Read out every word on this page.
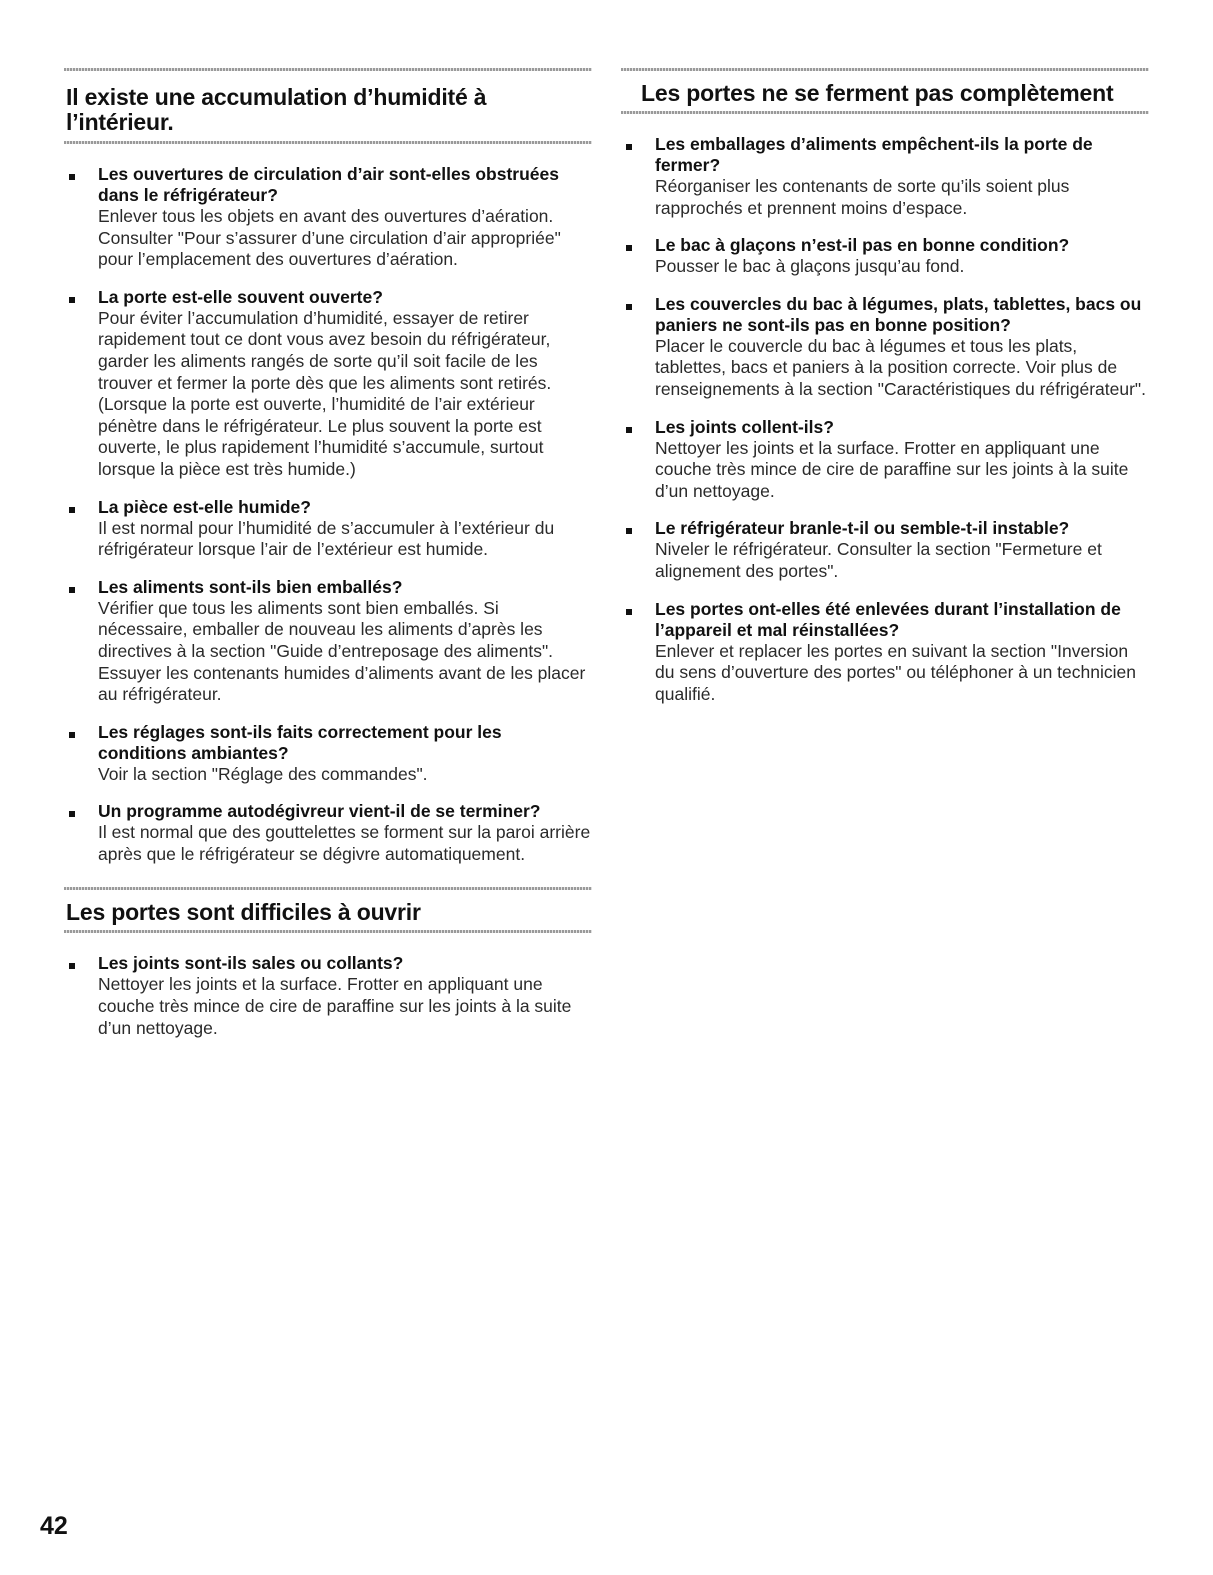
Il existe une accumulation d’humidité à l’intérieur.
Les ouvertures de circulation d’air sont-elles obstruées dans le réfrigérateur?
Enlever tous les objets en avant des ouvertures d’aération. Consulter "Pour s’assurer d’une circulation d’air appropriée" pour l’emplacement des ouvertures d’aération.
La porte est-elle souvent ouverte?
Pour éviter l’accumulation d’humidité, essayer de retirer rapidement tout ce dont vous avez besoin du réfrigérateur, garder les aliments rangés de sorte qu’il soit facile de les trouver et fermer la porte dès que les aliments sont retirés. (Lorsque la porte est ouverte, l’humidité de l’air extérieur pénètre dans le réfrigérateur. Le plus souvent la porte est ouverte, le plus rapidement l’humidité s’accumule, surtout lorsque la pièce est très humide.)
La pièce est-elle humide?
Il est normal pour l’humidité de s’accumuler à l’extérieur du réfrigérateur lorsque l’air de l’extérieur est humide.
Les aliments sont-ils bien emballés?
Vérifier que tous les aliments sont bien emballés. Si nécessaire, emballer de nouveau les aliments d’après les directives à la section "Guide d’entreposage des aliments". Essuyer les contenants humides d’aliments avant de les placer au réfrigérateur.
Les réglages sont-ils faits correctement pour les conditions ambiantes?
Voir la section "Réglage des commandes".
Un programme autodégivreur vient-il de se terminer?
Il est normal que des gouttelettes se forment sur la paroi arrière après que le réfrigérateur se dégivre automatiquement.
Les portes sont difficiles à ouvrir
Les joints sont-ils sales ou collants?
Nettoyer les joints et la surface. Frotter en appliquant une couche très mince de cire de paraffine sur les joints à la suite d’un nettoyage.
Les portes ne se ferment pas complètement
Les emballages d’aliments empêchent-ils la porte de fermer?
Réorganiser les contenants de sorte qu’ils soient plus rapprochés et prennent moins d’espace.
Le bac à glaçons n’est-il pas en bonne condition?
Pousser le bac à glaçons jusqu’au fond.
Les couvercles du bac à légumes, plats, tablettes, bacs ou paniers ne sont-ils pas en bonne position?
Placer le couvercle du bac à légumes et tous les plats, tablettes, bacs et paniers à la position correcte. Voir plus de renseignements à la section "Caractéristiques du réfrigérateur".
Les joints collent-ils?
Nettoyer les joints et la surface. Frotter en appliquant une couche très mince de cire de paraffine sur les joints à la suite d’un nettoyage.
Le réfrigérateur branle-t-il ou semble-t-il instable?
Niveler le réfrigérateur. Consulter la section "Fermeture et alignement des portes".
Les portes ont-elles été enlevées durant l’installation de l’appareil et mal réinstallées?
Enlever et replacer les portes en suivant la section "Inversion du sens d’ouverture des portes" ou téléphoner à un technicien qualifié.
42
